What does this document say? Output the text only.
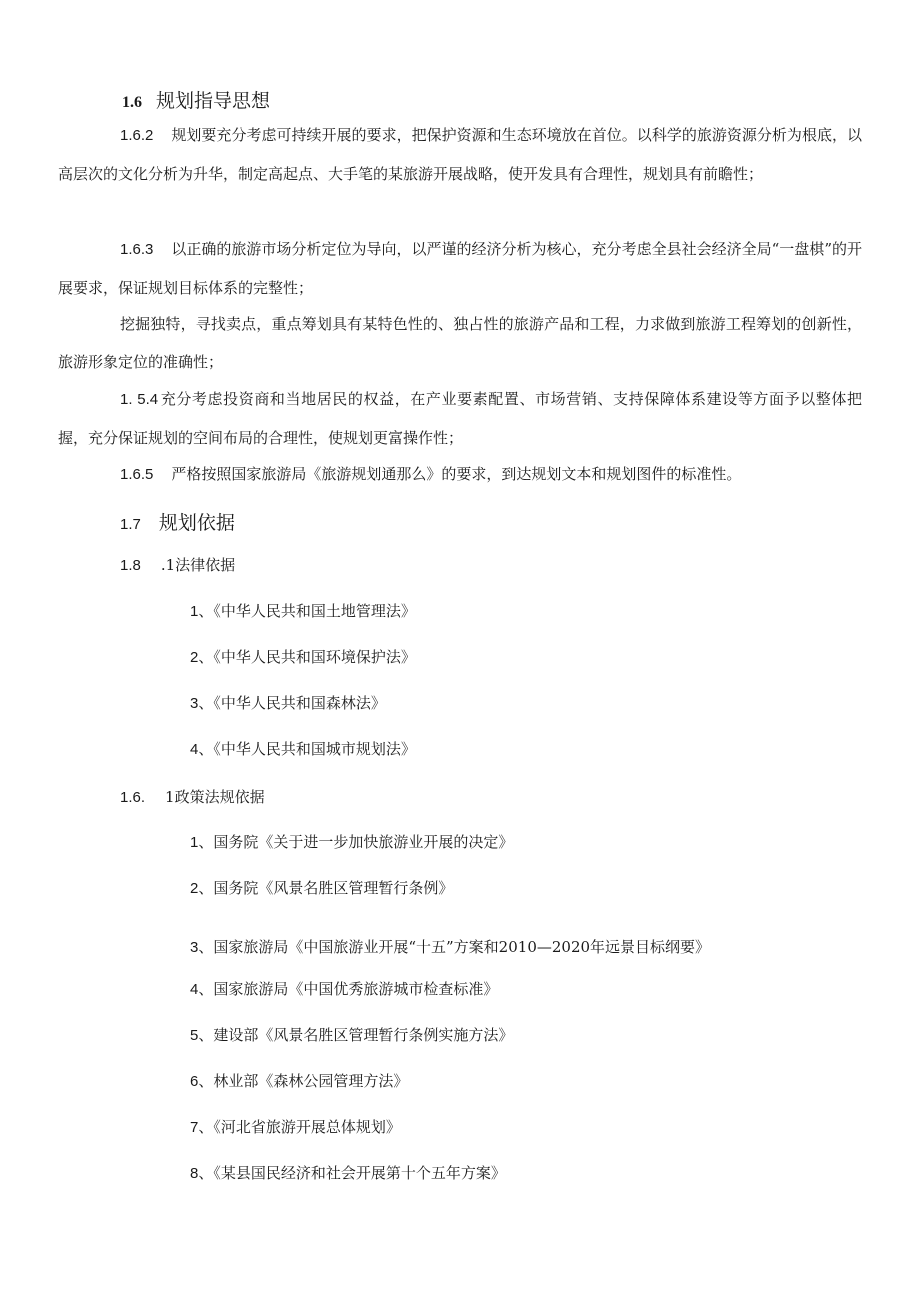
1.6 规划指导思想
1.6.2 规划要充分考虑可持续开展的要求，把保护资源和生态环境放在首位。以科学的旅游资源分析为根底，以高层次的文化分析为升华，制定高起点、大手笔的某旅游开展战略，使开发具有合理性，规划具有前瞻性；
1.6.3 以正确的旅游市场分析定位为导向，以严谨的经济分析为核心，充分考虑全县社会经济全局“一盘棋”的开展要求，保证规划目标体系的完整性；
挖掘独特，寻找卖点，重点筹划具有某特色性的、独占性的旅游产品和工程，力求做到旅游工程筹划的创新性，旅游形象定位的准确性；
1. 5.4 充分考虑投资商和当地居民的权益，在产业要素配置、市场营销、支持保障体系建设等方面予以整体把握，充分保证规划的空间布局的合理性，使规划更富操作性；
1.6.5 严格按照国家旅游局《旅游规划通那么》的要求，到达规划文本和规划图件的标准性。
1.7 规划依据
1.8 .1法律依据
1、《中华人民共和国土地管理法》
2、《中华人民共和国环境保护法》
3、《中华人民共和国森林法》
4、《中华人民共和国城市规划法》
1.6. 1政策法规依据
1、国务院《关于进一步加快旅游业开展的决定》
2、国务院《风景名胜区管理暂行条例》
3、国家旅游局《中国旅游业开展“十五”方案和2010—2020年远景目标纲要》
4、国家旅游局《中国优秀旅游城市检查标准》
5、建设部《风景名胜区管理暂行条例实施方法》
6、林业部《森林公园管理方法》
7、《河北省旅游开展总体规划》
8、《某县国民经济和社会开展第十个五年方案》
